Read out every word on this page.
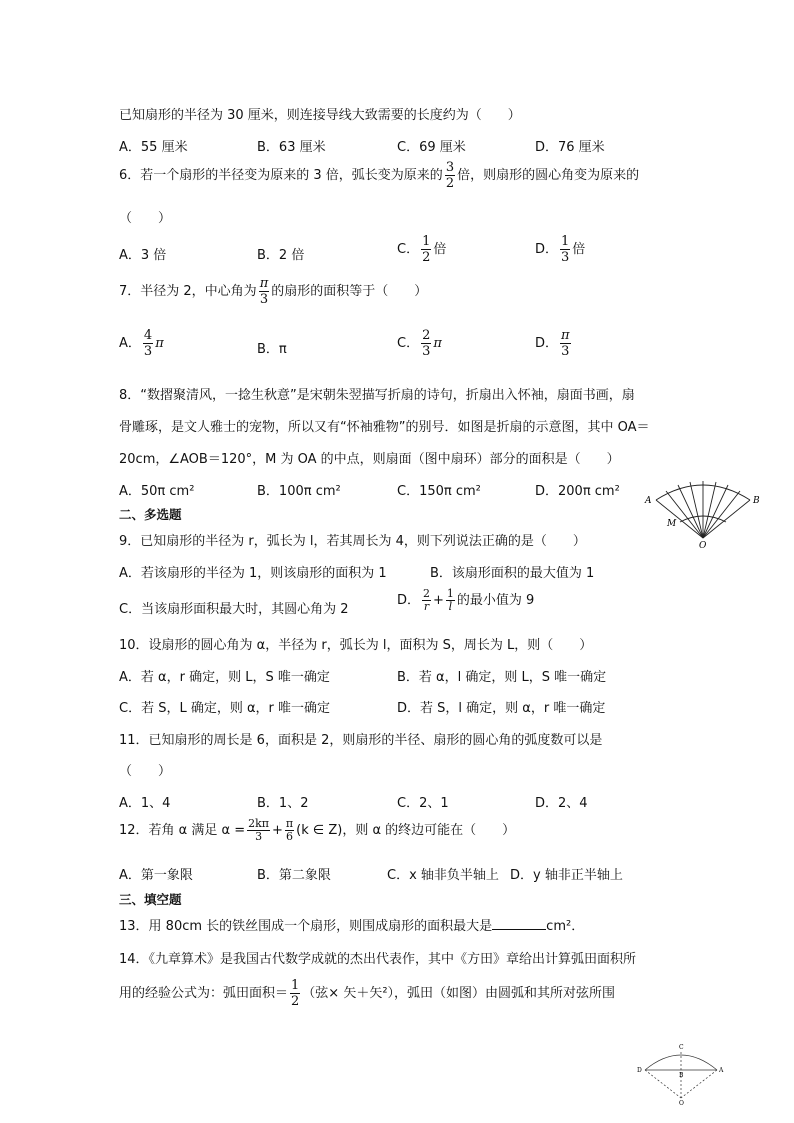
已知扇形的半径为 30 厘米，则连接导线大致需要的长度约为（　　）
A．55 厘米	B．63 厘米	C．69 厘米	D．76 厘米
6．若一个扇形的半径变为原来的 3 倍，弧长变为原来的 $\frac{3}{2}$ 倍，则扇形的圆心角变为原来的
（　　）
A．3 倍	B．2 倍	C． $\frac{1}{2}$ 倍	D． $\frac{1}{3}$ 倍
7．半径为 2，中心角为 $\frac{\pi}{3}$ 的扇形的面积等于（　　）
A． $\frac{4}{3}$ π	B．π	C． $\frac{2}{3}$ π	D． $\frac{\pi}{3}$
8．“数摺聚清风，一捻生秋意”是宋朝朱翌描写折扇的诗句，折扇出入怀袖，扇面书画，扇
骨雕琢，是文人雅士的宠物，所以又有“怀袖雅物”的别号．如图是折扇的示意图，其中 OA＝
20cm，∠AOB＝120°，M 为 OA 的中点，则扇面（图中扇环）部分的面积是（　　）
A．50π cm²	B．100π cm²	C．150π cm²	D．200π cm²
A	B
M
O
二、多选题
9．已知扇形的半径为 r，弧长为 l，若其周长为 4，则下列说法正确的是（　　）
A．若该扇形的半径为 1，则该扇形的面积为 1	B．该扇形面积的最大值为 1
C．当该扇形面积最大时，其圆心角为 2
D． $\frac{2}{r} + \frac{1}{l}$ 的最小值为 9
10．设扇形的圆心角为 α，半径为 r，弧长为 l，面积为 S，周长为 L，则（　　）
A．若 α，r 确定，则 L，S 唯一确定	B．若 α，l 确定，则 L，S 唯一确定
C．若 S，L 确定，则 α，r 唯一确定	D．若 S，l 确定，则 α，r 唯一确定
11．已知扇形的周长是 6，面积是 2，则扇形的半径、扇形的圆心角的弧度数可以是
（　　）
A．1、4	B．1、2	C．2、1	D．2、4
12．若角 α 满足 $\alpha = \frac{2k\pi}{3} + \frac{\pi}{6} (k$ ∈ Z)，则 α 的终边可能在（　　）
A．第一象限	B．第二象限	C．x 轴非负半轴上 D．y 轴非正半轴上
三、填空题
13．用 80cm 长的铁丝围成一个扇形，则围成扇形的面积最大是	cm²．
14．《九章算术》是我国古代数学成就的杰出代表作，其中《方田》章给出计算弧田面积所
用的经验公式为：弧田面积＝ $\frac{1}{2}$ （弦× 矢＋矢²），弧田（如图）由圆弧和其所对弦所围
C
D	A
B
O
